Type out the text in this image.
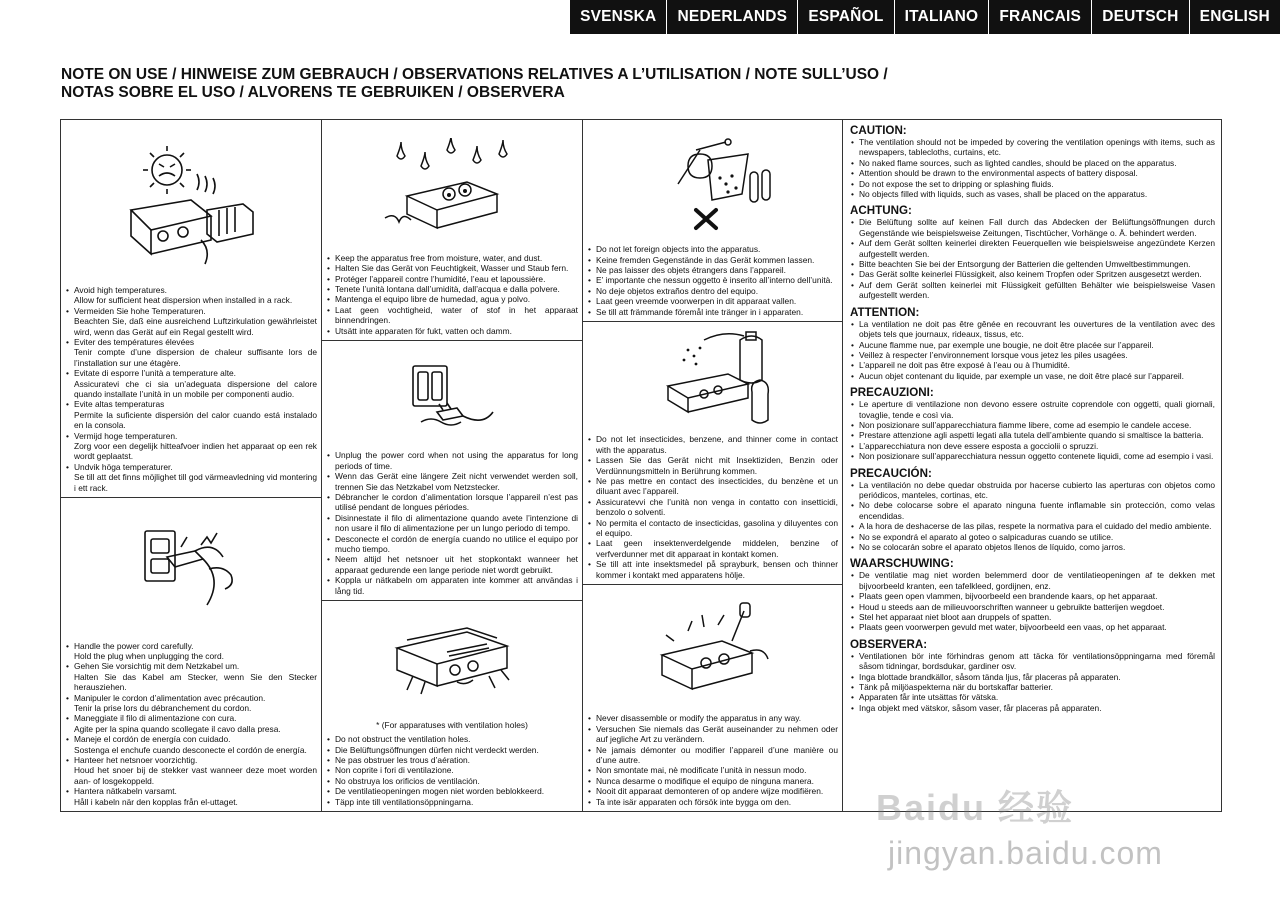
SVENSKA	NEDERLANDS	ESPAÑOL	ITALIANO	FRANCAIS	DEUTSCH	ENGLISH
NOTE ON USE / HINWEISE ZUM GEBRAUCH / OBSERVATIONS RELATIVES A L’UTILISATION / NOTE SULL’USO /
NOTAS SOBRE EL USO / ALVORENS TE GEBRUIKEN / OBSERVERA
• Avoid high temperatures.
Allow for sufficient heat dispersion when installed in a rack.
• Vermeiden Sie hohe Temperaturen.
Beachten Sie, daß eine ausreichend Luftzirkulation gewährleistet wird, wenn das Gerät auf ein Regal gestellt wird.
• Eviter des températures élevées
Tenir compte d’une dispersion de chaleur suffisante lors de l’installation sur une étagère.
• Evitate di esporre l’unità a temperature alte.
Assicuratevi che ci sia un’adeguata dispersione del calore quando installate l’unità in un mobile per componenti audio.
• Evite altas temperaturas
Permite la suficiente dispersión del calor cuando está instalado en la consola.
• Vermijd hoge temperaturen.
Zorg voor een degelijk hitteafvoer indien het apparaat op een rek wordt geplaatst.
• Undvik höga temperaturer.
Se till att det finns möjlighet till god värmeavledning vid montering i ett rack.
• Handle the power cord carefully.
Hold the plug when unplugging the cord.
• Gehen Sie vorsichtig mit dem Netzkabel um.
Halten Sie das Kabel am Stecker, wenn Sie den Stecker herausziehen.
• Manipuler le cordon d’alimentation avec précaution.
Tenir la prise lors du débranchement du cordon.
• Maneggiate il filo di alimentazione con cura.
Agite per la spina quando scollegate il cavo dalla presa.
• Maneje el cordón de energía con cuidado.
Sostenga el enchufe cuando desconecte el cordón de energía.
• Hanteer het netsnoer voorzichtig.
Houd het snoer bij de stekker vast wanneer deze moet worden aan- of losgekoppeld.
• Hantera nätkabeln varsamt.
Håll i kabeln när den kopplas från el-uttaget.
• Keep the apparatus free from moisture, water, and dust.
• Halten Sie das Gerät von Feuchtigkeit, Wasser und Staub fern.
• Protéger l’appareil contre l’humidité, l’eau et lapoussière.
• Tenete l’unità lontana dall’umidità, dall’acqua e dalla polvere.
• Mantenga el equipo libre de humedad, agua y polvo.
• Laat geen vochtigheid, water of stof in het apparaat binnendringen.
• Utsätt inte apparaten för fukt, vatten och damm.
• Unplug the power cord when not using the apparatus for long periods of time.
• Wenn das Gerät eine längere Zeit nicht verwendet werden soll, trennen Sie das Netzkabel vom Netzstecker.
• Débrancher le cordon d’alimentation lorsque l’appareil n’est pas utilisé pendant de longues périodes.
• Disinnestate il filo di alimentazione quando avete l’intenzione di non usare il filo di alimentazione per un lungo periodo di tempo.
• Desconecte el cordón de energía cuando no utilice el equipo por mucho tiempo.
• Neem altijd het netsnoer uit het stopkontakt wanneer het apparaat gedurende een lange periode niet wordt gebruikt.
• Koppla ur nätkabeln om apparaten inte kommer att användas i lång tid.
* (For apparatuses with ventilation holes)
• Do not obstruct the ventilation holes.
• Die Belüftungsöffnungen dürfen nicht verdeckt werden.
• Ne pas obstruer les trous d’aération.
• Non coprite i fori di ventilazione.
• No obstruya los orificios de ventilación.
• De ventilatieopeningen mogen niet worden beblokkeerd.
• Täpp inte till ventilationsöppningarna.
• Do not let foreign objects into the apparatus.
• Keine fremden Gegenstände in das Gerät kommen lassen.
• Ne pas laisser des objets étrangers dans l’appareil.
• E’ importante che nessun oggetto è inserito all’interno dell’unità.
• No deje objetos extraños dentro del equipo.
• Laat geen vreemde voorwerpen in dit apparaat vallen.
• Se till att främmande föremål inte tränger in i apparaten.
• Do not let insecticides, benzene, and thinner come in contact with the apparatus.
• Lassen Sie das Gerät nicht mit Insektiziden, Benzin oder Verdünnungsmitteln in Berührung kommen.
• Ne pas mettre en contact des insecticides, du benzène et un diluant avec l’appareil.
• Assicuratevvi che l’unità non venga in contatto con insetticidi, benzolo o solventi.
• No permita el contacto de insecticidas, gasolina y diluyentes con el equipo.
• Laat geen insektenverdelgende middelen, benzine of verfverdunner met dit apparaat in kontakt komen.
• Se till att inte insektsmedel på sprayburk, bensen och thinner kommer i kontakt med apparatens hölje.
• Never disassemble or modify the apparatus in any way.
• Versuchen Sie niemals das Gerät auseinander zu nehmen oder auf jegliche Art zu verändern.
• Ne jamais démonter ou modifier l’appareil d’une manière ou d’une autre.
• Non smontate mai, nè modificate l’unità in nessun modo.
• Nunca desarme o modifique el equipo de ninguna manera.
• Nooit dit apparaat demonteren of op andere wijze modifiëren.
• Ta inte isär apparaten och försök inte bygga om den.
CAUTION:
• The ventilation should not be impeded by covering the ventilation openings with items, such as newspapers, tablecloths, curtains, etc.
• No naked flame sources, such as lighted candles, should be placed on the apparatus.
• Attention should be drawn to the environmental aspects of battery disposal.
• Do not expose the set to dripping or splashing fluids.
• No objects filled with liquids, such as vases, shall be placed on the apparatus.
ACHTUNG:
• Die Belüftung sollte auf keinen Fall durch das Abdecken der Belüftungsöffnungen durch Gegenstände wie beispielsweise Zeitungen, Tischtücher, Vorhänge o. Ä. behindert werden.
• Auf dem Gerät sollten keinerlei direkten Feuerquellen wie beispielsweise angezündete Kerzen aufgestellt werden.
• Bitte beachten Sie bei der Entsorgung der Batterien die geltenden Umweltbestimmungen.
• Das Gerät sollte keinerlei Flüssigkeit, also keinem Tropfen oder Spritzen ausgesetzt werden.
• Auf dem Gerät sollten keinerlei mit Flüssigkeit gefüllten Behälter wie beispielsweise Vasen aufgestellt werden.
ATTENTION:
• La ventilation ne doit pas être gênée en recouvrant les ouvertures de la ventilation avec des objets tels que journaux, rideaux, tissus, etc.
• Aucune flamme nue, par exemple une bougie, ne doit être placée sur l’appareil.
• Veillez à respecter l’environnement lorsque vous jetez les piles usagées.
• L’appareil ne doit pas être exposé à l’eau ou à l’humidité.
• Aucun objet contenant du liquide, par exemple un vase, ne doit être placé sur l’appareil.
PRECAUZIONI:
• Le aperture di ventilazione non devono essere ostruite coprendole con oggetti, quali giornali, tovaglie, tende e così via.
• Non posizionare sull’apparecchiatura fiamme libere, come ad esempio le candele accese.
• Prestare attenzione agli aspetti legati alla tutela dell’ambiente quando si smaltisce la batteria.
• L’apparecchiatura non deve essere esposta a gocciolii o spruzzi.
• Non posizionare sull’apparecchiatura nessun oggetto contenete liquidi, come ad esempio i vasi.
PRECAUCIÓN:
• La ventilación no debe quedar obstruida por hacerse cubierto las aperturas con objetos como periódicos, manteles, cortinas, etc.
• No debe colocarse sobre el aparato ninguna fuente inflamable sin protección, como velas encendidas.
• A la hora de deshacerse de las pilas, respete la normativa para el cuidado del medio ambiente.
• No se expondrá el aparato al goteo o salpicaduras cuando se utilice.
• No se colocarán sobre el aparato objetos llenos de líquido, como jarros.
WAARSCHUWING:
• De ventilatie mag niet worden belemmerd door de ventilatieopeningen af te dekken met bijvoorbeeld kranten, een tafelkleed, gordijnen, enz.
• Plaats geen open vlammen, bijvoorbeeld een brandende kaars, op het apparaat.
• Houd u steeds aan de milieuvoorschriften wanneer u gebruikte batterijen wegdoet.
• Stel het apparaat niet bloot aan druppels of spatten.
• Plaats geen voorwerpen gevuld met water, bijvoorbeeld een vaas, op het apparaat.
OBSERVERA:
• Ventilationen bör inte förhindras genom att täcka för ventilationsöppningarna med föremål såsom tidningar, bordsdukar, gardiner osv.
• Inga blottade brandkällor, såsom tända ljus, får placeras på apparaten.
• Tänk på miljöaspekterna när du bortskaffar batterier.
• Apparaten får inte utsättas för vätska.
• Inga objekt med vätskor, såsom vaser, får placeras på apparaten.
Baidu 经验
jingyan.baidu.com
